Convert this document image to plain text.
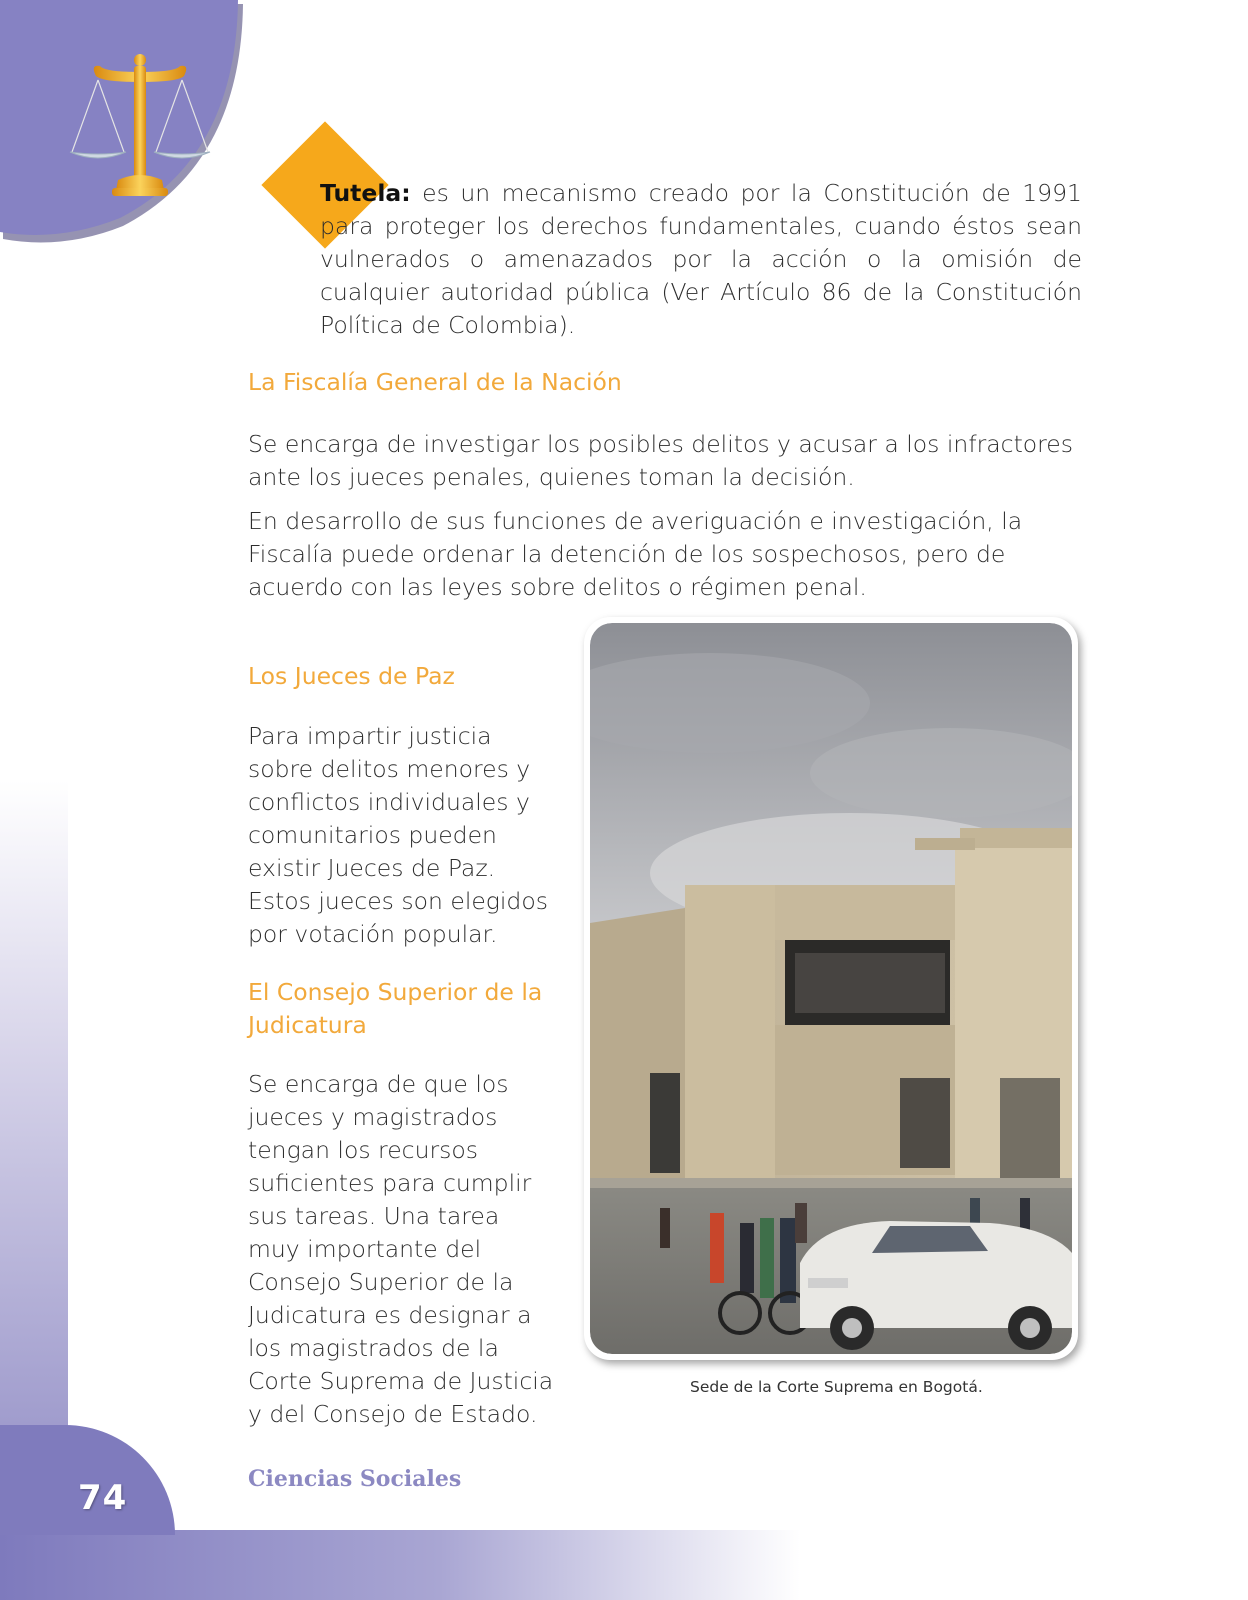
Tutela: es un mecanismo creado por la Constitución de 1991 para proteger los derechos fundamentales, cuando éstos sean vulnerados o amenazados por la acción o la omisión de cualquier autoridad pública (Ver Artículo 86 de la Constitución Política de Colombia).

La Fiscalía General de la Nación

Se encarga de investigar los posibles delitos y acusar a los infractores ante los jueces penales, quienes toman la decisión.

En desarrollo de sus funciones de averiguación e investigación, la Fiscalía puede ordenar la detención de los sospechosos, pero de acuerdo con las leyes sobre delitos o régimen penal.

Los Jueces de Paz

Para impartir justicia sobre delitos menores y conflictos individuales y comunitarios pueden existir Jueces de Paz. Estos jueces son elegidos por votación popular.

El Consejo Superior de la Judicatura

Se encarga de que los jueces y magistrados tengan los recursos suficientes para cumplir sus tareas. Una tarea muy importante del Consejo Superior de la Judicatura es designar a los magistrados de la Corte Suprema de Justicia y del Consejo de Estado.

Sede de la Corte Suprema en Bogotá.
74	Ciencias Sociales
